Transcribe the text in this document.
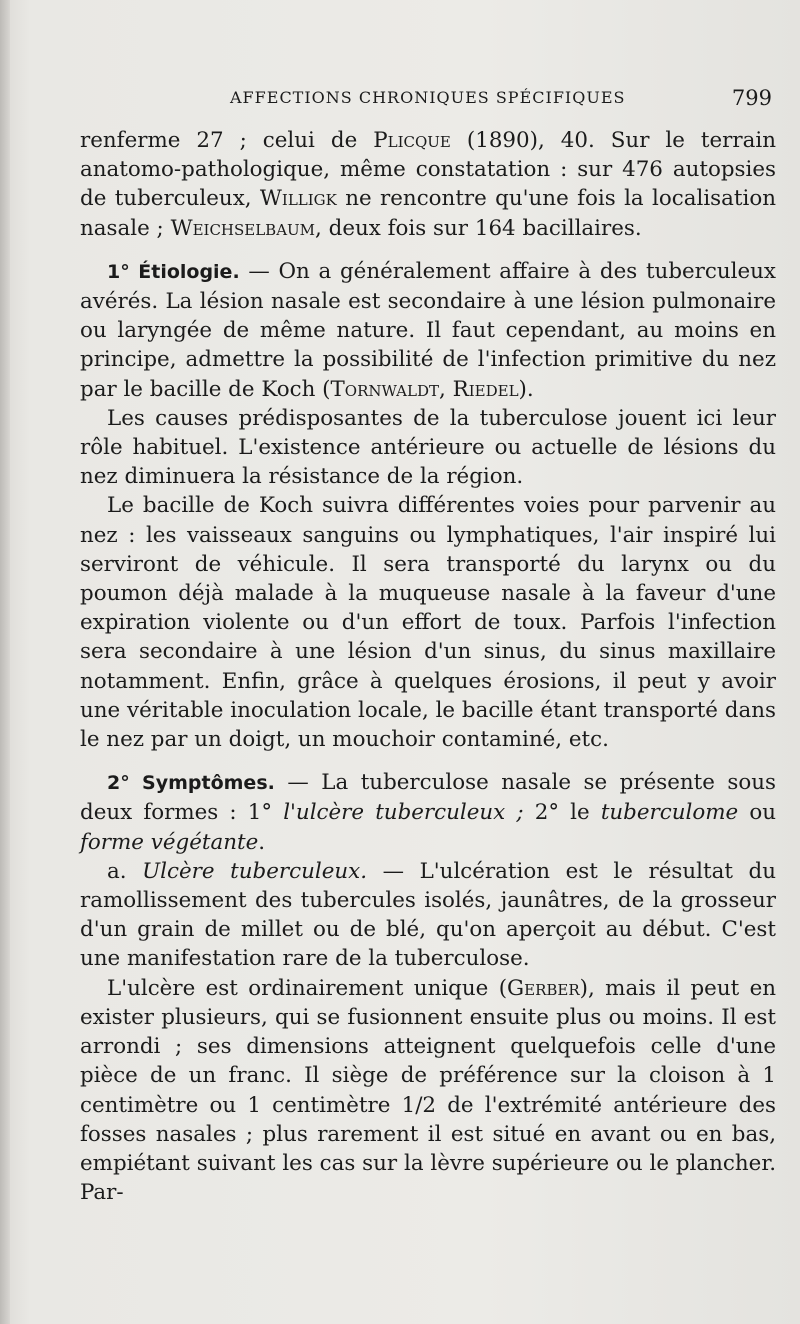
AFFECTIONS CHRONIQUES SPÉCIFIQUES	799

renferme 27 ; celui de Plicque (1890), 40. Sur le terrain anatomo-pathologique, même constatation : sur 476 autopsies de tuberculeux, Willigk ne rencontre qu'une fois la localisation nasale ; Weichselbaum, deux fois sur 164 bacillaires.

1° Étiologie. — On a généralement affaire à des tuberculeux avérés. La lésion nasale est secondaire à une lésion pulmonaire ou laryngée de même nature. Il faut cependant, au moins en principe, admettre la possibilité de l'infection primitive du nez par le bacille de Koch (Tornwaldt, Riedel).

Les causes prédisposantes de la tuberculose jouent ici leur rôle habituel. L'existence antérieure ou actuelle de lésions du nez diminuera la résistance de la région.

Le bacille de Koch suivra différentes voies pour parvenir au nez : les vaisseaux sanguins ou lymphatiques, l'air inspiré lui serviront de véhicule. Il sera transporté du larynx ou du poumon déjà malade à la muqueuse nasale à la faveur d'une expiration violente ou d'un effort de toux. Parfois l'infection sera secondaire à une lésion d'un sinus, du sinus maxillaire notamment. Enfin, grâce à quelques érosions, il peut y avoir une véritable inoculation locale, le bacille étant transporté dans le nez par un doigt, un mouchoir contaminé, etc.

2° Symptômes. — La tuberculose nasale se présente sous deux formes : 1° l'ulcère tuberculeux ; 2° le tuberculome ou forme végétante.

a. Ulcère tuberculeux. — L'ulcération est le résultat du ramollissement des tubercules isolés, jaunâtres, de la grosseur d'un grain de millet ou de blé, qu'on aperçoit au début. C'est une manifestation rare de la tuberculose.

L'ulcère est ordinairement unique (Gerber), mais il peut en exister plusieurs, qui se fusionnent ensuite plus ou moins. Il est arrondi ; ses dimensions atteignent quelquefois celle d'une pièce de un franc. Il siège de préférence sur la cloison à 1 centimètre ou 1 centimètre 1/2 de l'extrémité antérieure des fosses nasales ; plus rarement il est situé en avant ou en bas, empiétant suivant les cas sur la lèvre supérieure ou le plancher. Par-
